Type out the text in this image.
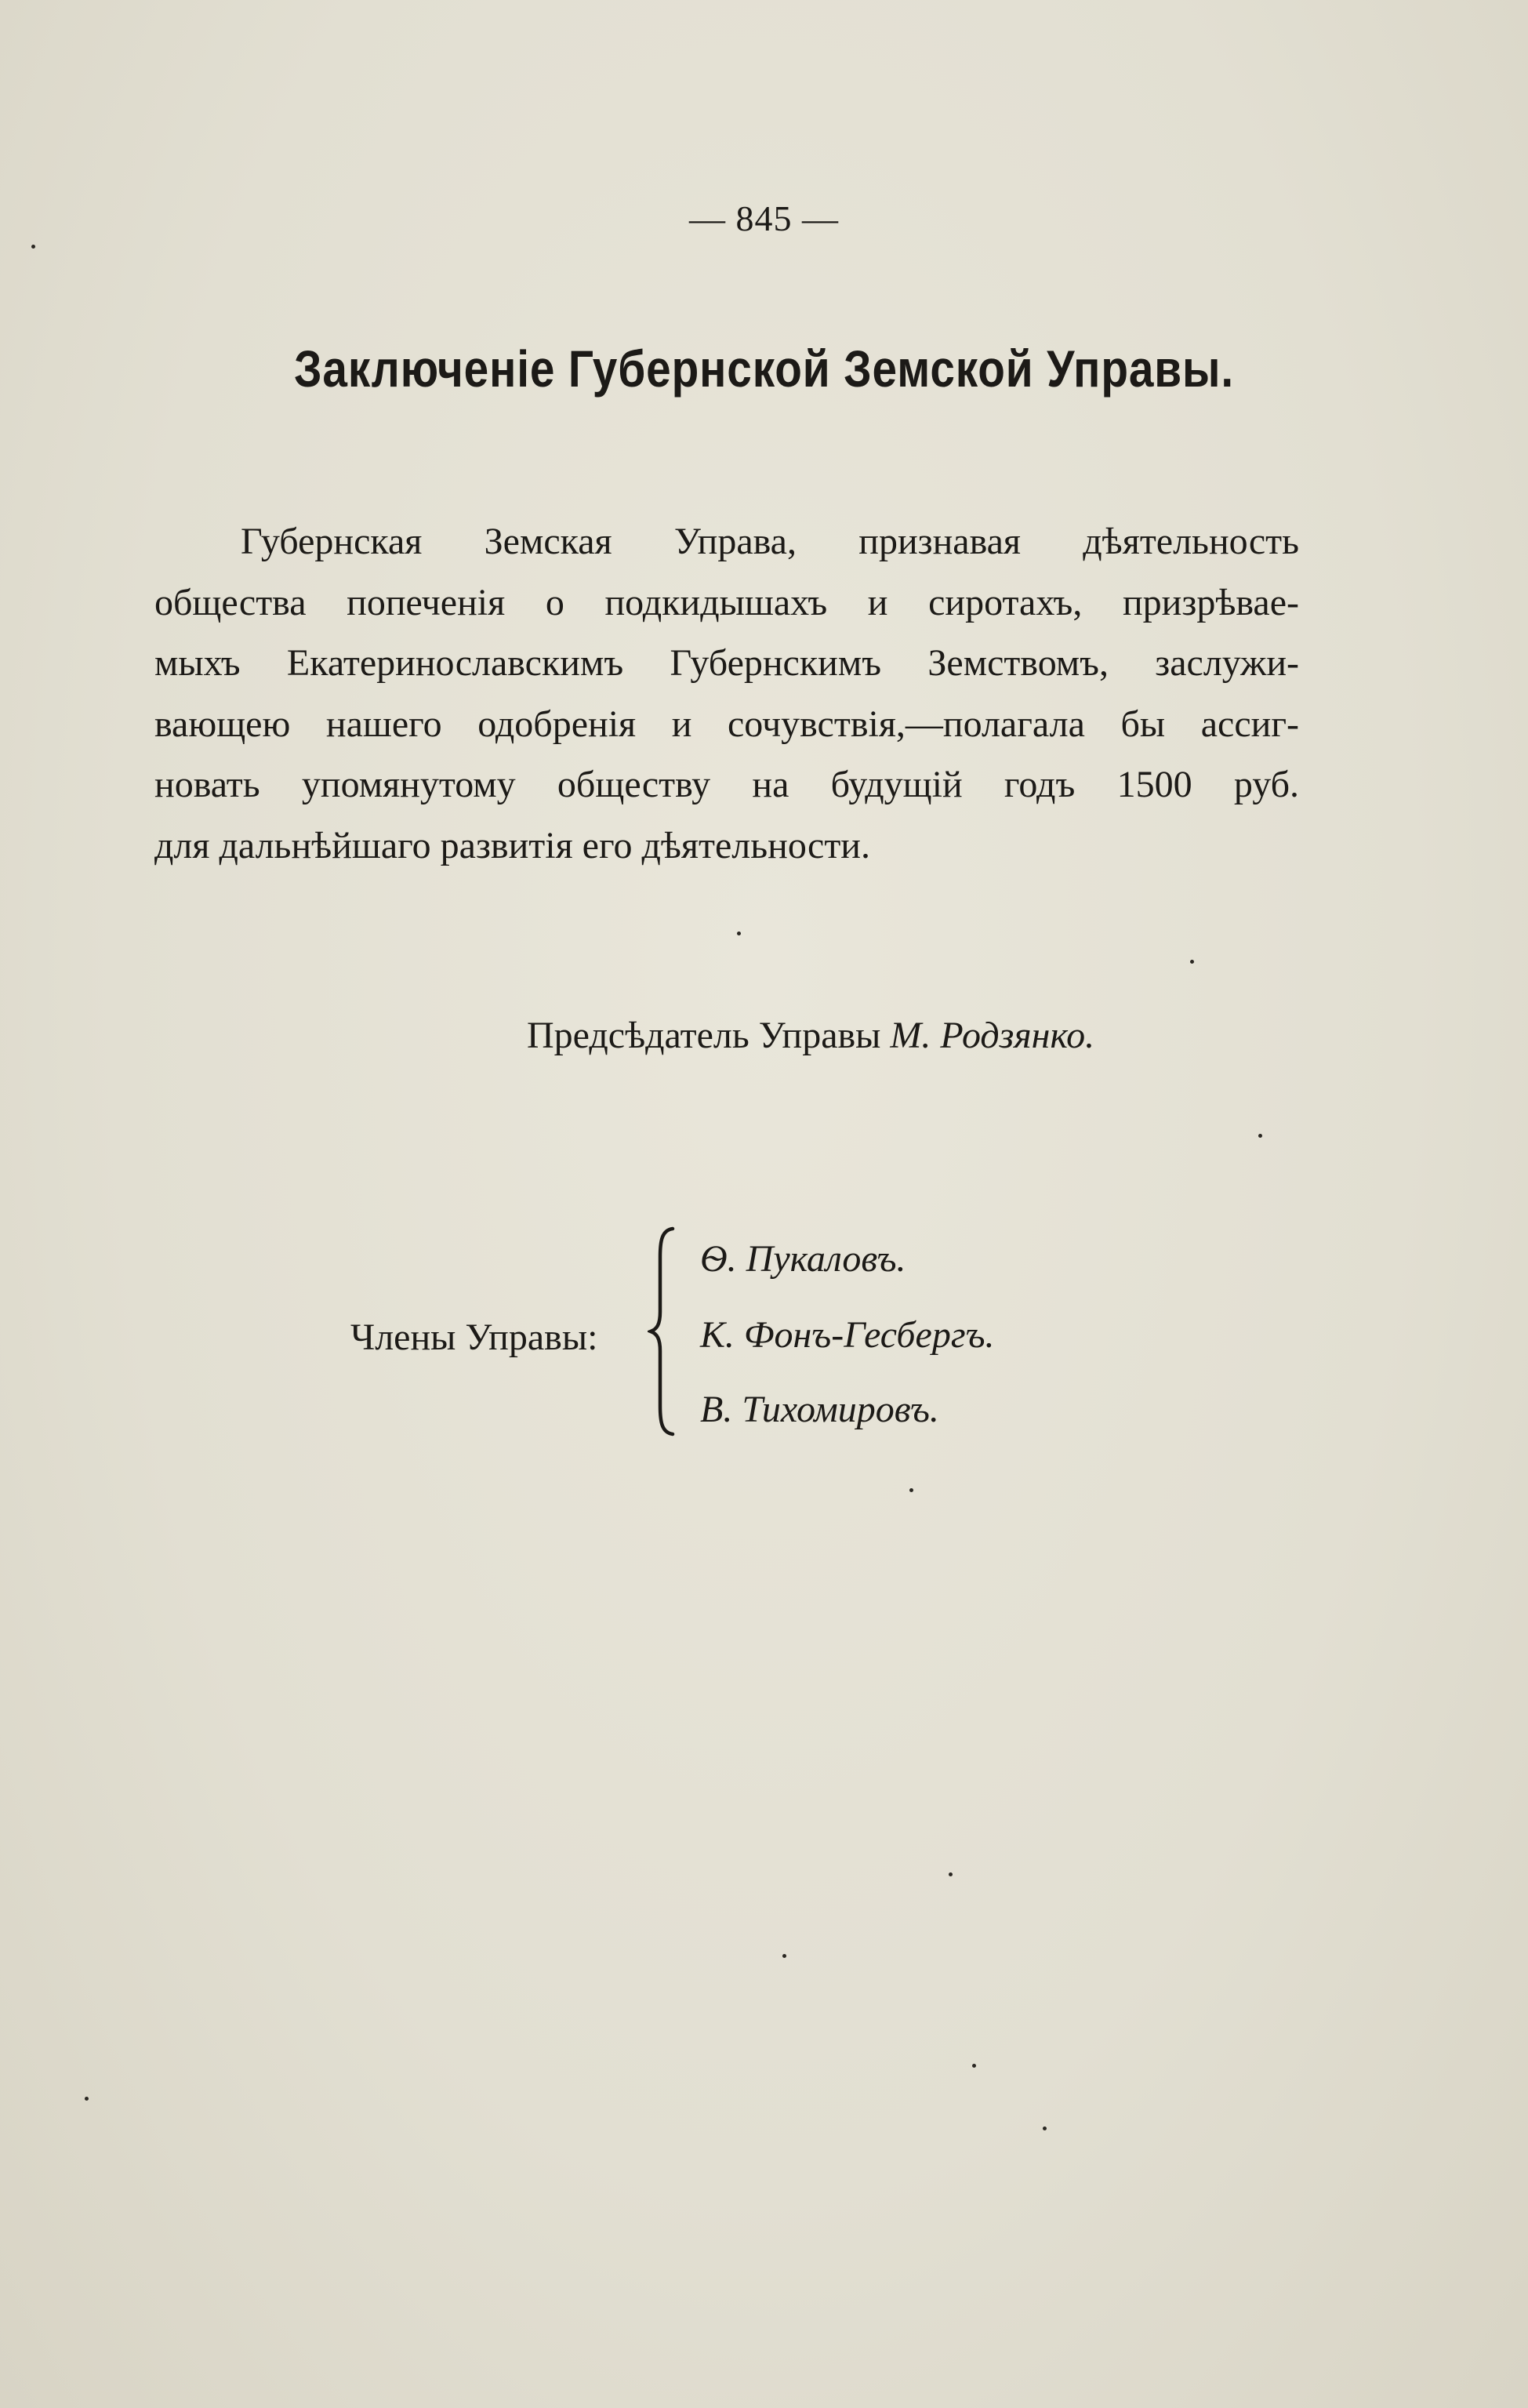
— 845 —
Заключеніе Губернской Земской Управы.
Губернская Земская Управа, признавая дѣятельность
общества попеченія о подкидышахъ и сиротахъ, призрѣвае-
мыхъ Екатеринославскимъ Губернскимъ Земствомъ, заслужи-
вающею нашего одобренія и сочувствія,—полагала бы ассиг-
новать упомянутому обществу на будущій годъ 1500 руб.
для дальнѣйшаго развитія его дѣятельности.
Предсѣдатель Управы М. Родзянко.
Члены Управы:
Ѳ. Пукаловъ.
К. Фонъ-Гесбергъ.
В. Тихомировъ.
